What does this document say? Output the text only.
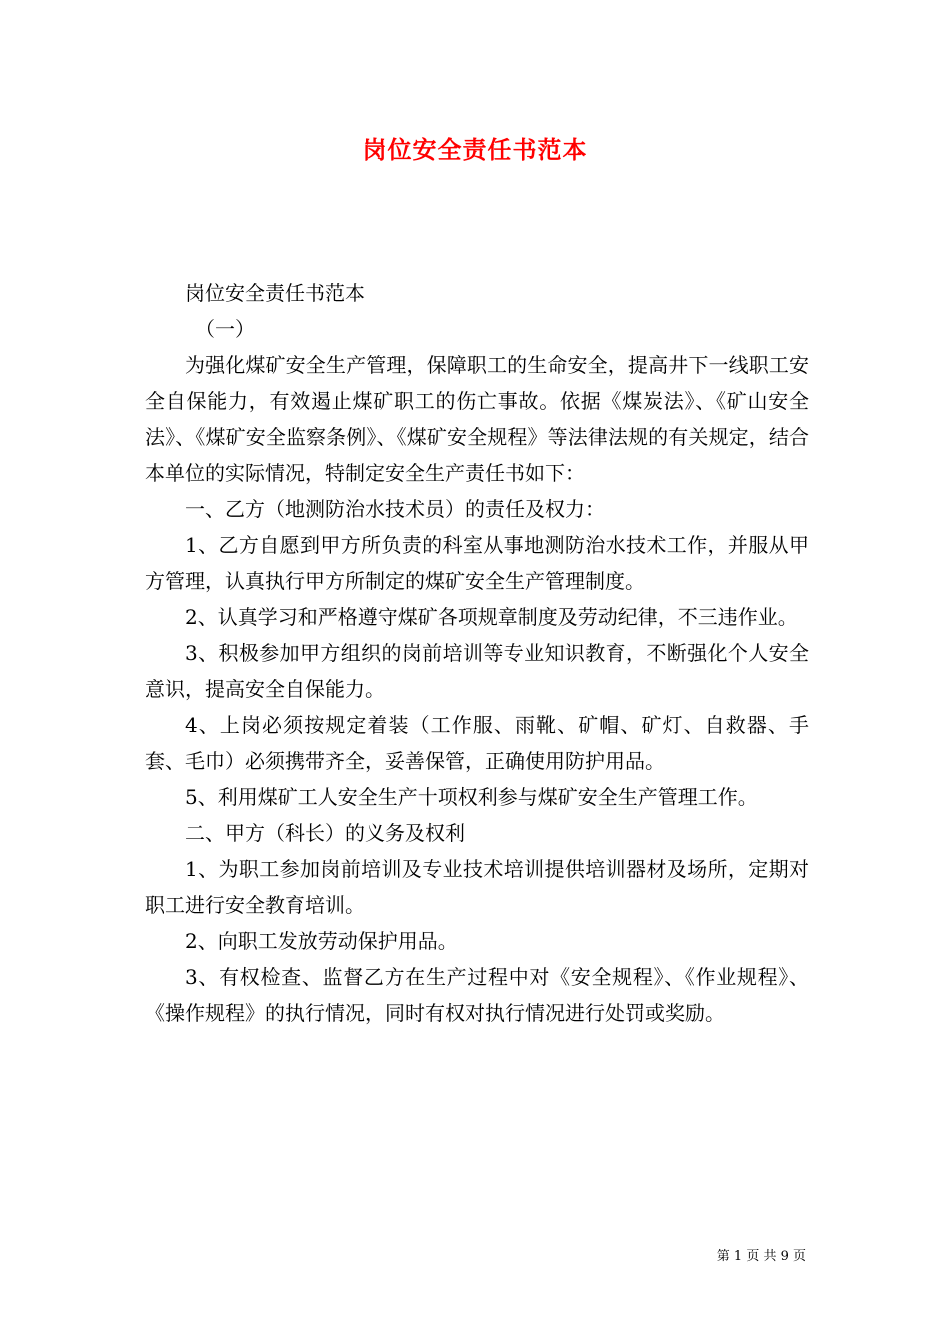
岗位安全责任书范本

岗位安全责任书范本

（一）

为强化煤矿安全生产管理，保障职工的生命安全，提高井下一线职工安全自保能力，有效遏止煤矿职工的伤亡事故。依据《煤炭法》、《矿山安全法》、《煤矿安全监察条例》、《煤矿安全规程》等法律法规的有关规定，结合本单位的实际情况，特制定安全生产责任书如下：

一、乙方（地测防治水技术员）的责任及权力：

1、乙方自愿到甲方所负责的科室从事地测防治水技术工作，并服从甲方管理，认真执行甲方所制定的煤矿安全生产管理制度。

2、认真学习和严格遵守煤矿各项规章制度及劳动纪律，不三违作业。

3、积极参加甲方组织的岗前培训等专业知识教育，不断强化个人安全意识，提高安全自保能力。

4、上岗必须按规定着装（工作服、雨靴、矿帽、矿灯、自救器、手套、毛巾）必须携带齐全，妥善保管，正确使用防护用品。

5、利用煤矿工人安全生产十项权利参与煤矿安全生产管理工作。

二、甲方（科长）的义务及权利

1、为职工参加岗前培训及专业技术培训提供培训器材及场所，定期对职工进行安全教育培训。

2、向职工发放劳动保护用品。

3、有权检查、监督乙方在生产过程中对《安全规程》、《作业规程》、《操作规程》的执行情况，同时有权对执行情况进行处罚或奖励。

第 1 页 共 9 页
